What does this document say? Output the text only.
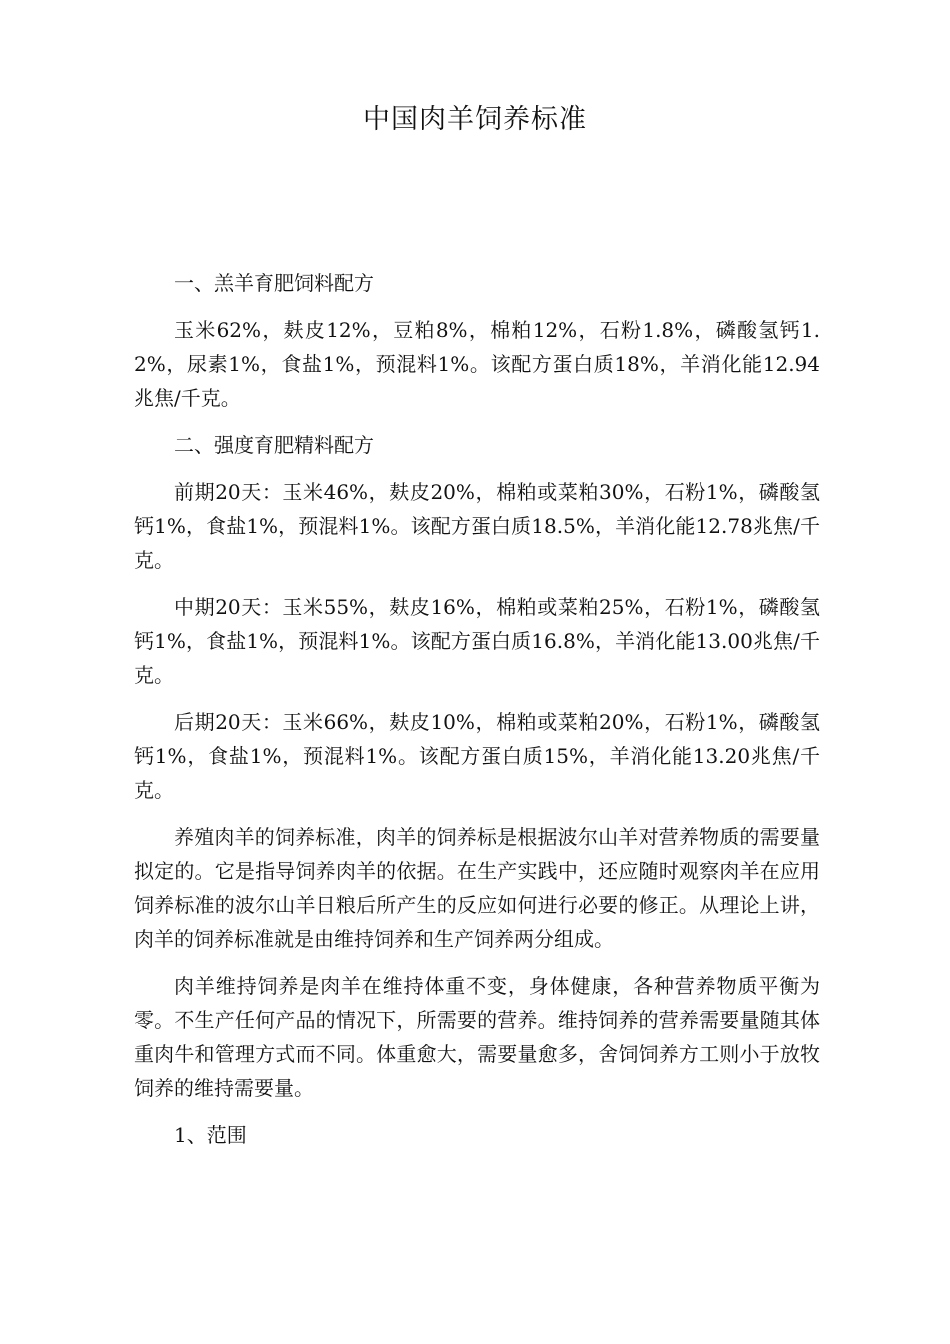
中国肉羊饲养标准

一、羔羊育肥饲料配方

玉米62%，麸皮12%，豆粕8%，棉粕12%，石粉1.8%，磷酸氢钙1.2%，尿素1%，食盐1%，预混料1%。该配方蛋白质18%，羊消化能12.94兆焦/千克。

二、强度育肥精料配方

前期20天：玉米46%，麸皮20%，棉粕或菜粕30%，石粉1%，磷酸氢钙1%，食盐1%，预混料1%。该配方蛋白质18.5%，羊消化能12.78兆焦/千克。

中期20天：玉米55%，麸皮16%，棉粕或菜粕25%，石粉1%，磷酸氢钙1%，食盐1%，预混料1%。该配方蛋白质16.8%，羊消化能13.00兆焦/千克。

后期20天：玉米66%，麸皮10%，棉粕或菜粕20%，石粉1%，磷酸氢钙1%，食盐1%，预混料1%。该配方蛋白质15%，羊消化能13.20兆焦/千克。

养殖肉羊的饲养标准，肉羊的饲养标是根据波尔山羊对营养物质的需要量拟定的。它是指导饲养肉羊的依据。在生产实践中，还应随时观察肉羊在应用饲养标准的波尔山羊日粮后所产生的反应如何进行必要的修正。从理论上讲，肉羊的饲养标准就是由维持饲养和生产饲养两分组成。

肉羊维持饲养是肉羊在维持体重不变，身体健康，各种营养物质平衡为零。不生产任何产品的情况下，所需要的营养。维持饲养的营养需要量随其体重肉牛和管理方式而不同。体重愈大，需要量愈多，舍饲饲养方工则小于放牧饲养的维持需要量。

1、范围
